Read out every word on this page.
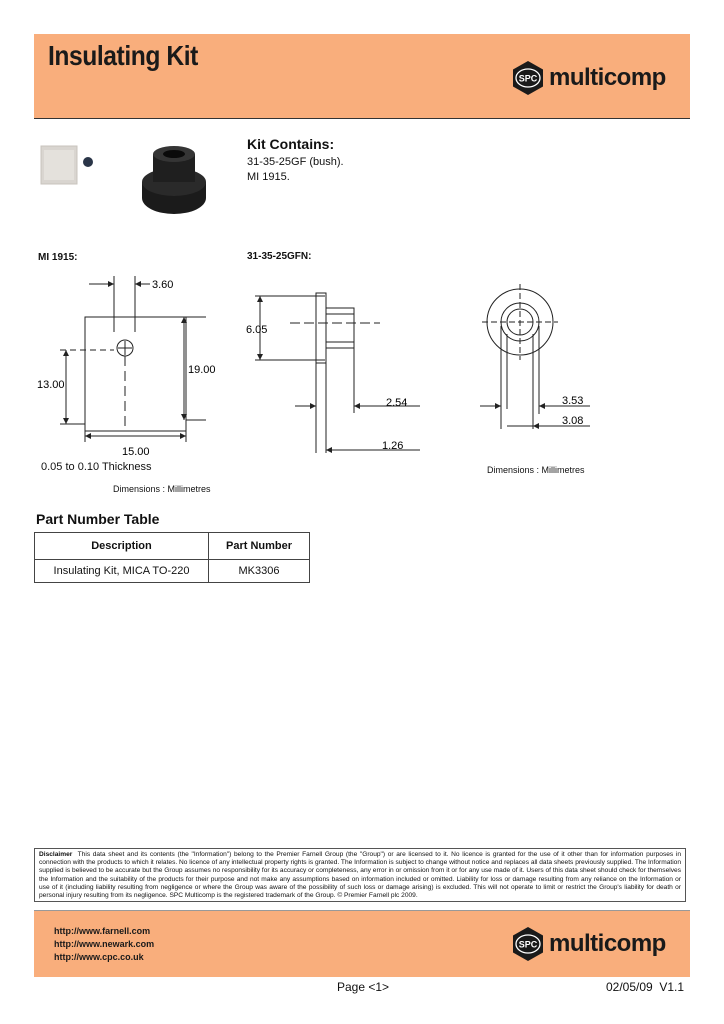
Insulating Kit
SPC multicomp
Kit Contains:
31-35-25GF (bush).
MI 1915.
MI 1915:	31-35-25GFN:
3.60
19.00
13.00
15.00
0.05 to 0.10 Thickness
Dimensions : Millimetres
6.05
2.54
1.26
3.53
3.08
Dimensions : Millimetres
Part Number Table
Description	Part Number
Insulating Kit, MICA TO-220	MK3306
Disclaimer This data sheet and its contents (the "Information") belong to the Premier Farnell Group (the "Group") or are licensed to it. No licence is granted for the use of it other than for information purposes in connection with the products to which it relates. No licence of any intellectual property rights is granted. The Information is subject to change without notice and replaces all data sheets previously supplied. The Information supplied is believed to be accurate but the Group assumes no responsibility for its accuracy or completeness, any error in or omission from it or for any use made of it. Users of this data sheet should check for themselves the Information and the suitability of the products for their purpose and not make any assumptions based on information included or omitted. Liability for loss or damage resulting from any reliance on the Information or use of it (including liability resulting from negligence or where the Group was aware of the possibility of such loss or damage arising) is excluded. This will not operate to limit or restrict the Group's liability for death or personal injury resulting from its negligence. SPC Multicomp is the registered trademark of the Group. © Premier Farnell plc 2009.
http://www.farnell.com
http://www.newark.com
http://www.cpc.co.uk
SPC multicomp
Page <1>	02/05/09  V1.1
